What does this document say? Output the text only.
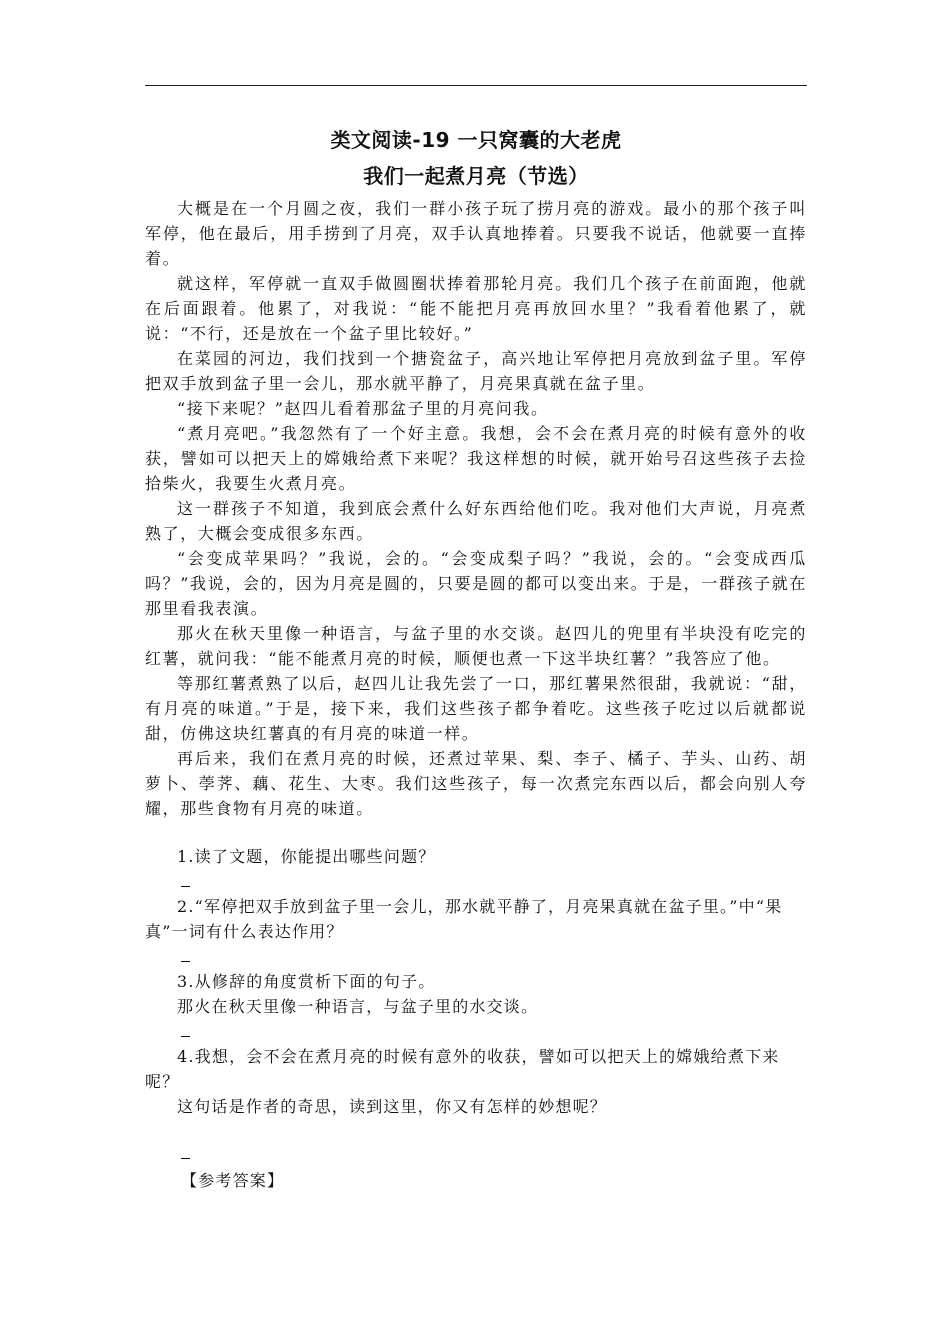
类文阅读-19 一只窝囊的大老虎
我们一起煮月亮（节选）

大概是在一个月圆之夜，我们一群小孩子玩了捞月亮的游戏。最小的那个孩子叫军停，他在最后，用手捞到了月亮，双手认真地捧着。只要我不说话，他就要一直捧着。

就这样，军停就一直双手做圆圈状捧着那轮月亮。我们几个孩子在前面跑，他就在后面跟着。他累了，对我说：“能不能把月亮再放回水里？”我看着他累了，就说：“不行，还是放在一个盆子里比较好。”

在菜园的河边，我们找到一个搪瓷盆子，高兴地让军停把月亮放到盆子里。军停把双手放到盆子里一会儿，那水就平静了，月亮果真就在盆子里。

“接下来呢？”赵四儿看着那盆子里的月亮问我。

“煮月亮吧。”我忽然有了一个好主意。我想，会不会在煮月亮的时候有意外的收获，譬如可以把天上的嫦娥给煮下来呢？我这样想的时候，就开始号召这些孩子去捡拾柴火，我要生火煮月亮。

这一群孩子不知道，我到底会煮什么好东西给他们吃。我对他们大声说，月亮煮熟了，大概会变成很多东西。

“会变成苹果吗？”我说，会的。“会变成梨子吗？”我说，会的。“会变成西瓜吗？”我说，会的，因为月亮是圆的，只要是圆的都可以变出来。于是，一群孩子就在那里看我表演。

那火在秋天里像一种语言，与盆子里的水交谈。赵四儿的兜里有半块没有吃完的红薯，就问我：“能不能煮月亮的时候，顺便也煮一下这半块红薯？”我答应了他。

等那红薯煮熟了以后，赵四儿让我先尝了一口，那红薯果然很甜，我就说：“甜，有月亮的味道。”于是，接下来，我们这些孩子都争着吃。这些孩子吃过以后就都说甜，仿佛这块红薯真的有月亮的味道一样。

再后来，我们在煮月亮的时候，还煮过苹果、梨、李子、橘子、芋头、山药、胡萝卜、荸荠、藕、花生、大枣。我们这些孩子，每一次煮完东西以后，都会向别人夸耀，那些食物有月亮的味道。

1.读了文题，你能提出哪些问题？

2.“军停把双手放到盆子里一会儿，那水就平静了，月亮果真就在盆子里。”中“果真”一词有什么表达作用？

3.从修辞的角度赏析下面的句子。

那火在秋天里像一种语言，与盆子里的水交谈。

4.我想，会不会在煮月亮的时候有意外的收获，譬如可以把天上的嫦娥给煮下来呢？

这句话是作者的奇思，读到这里，你又有怎样的妙想呢？

【参考答案】
